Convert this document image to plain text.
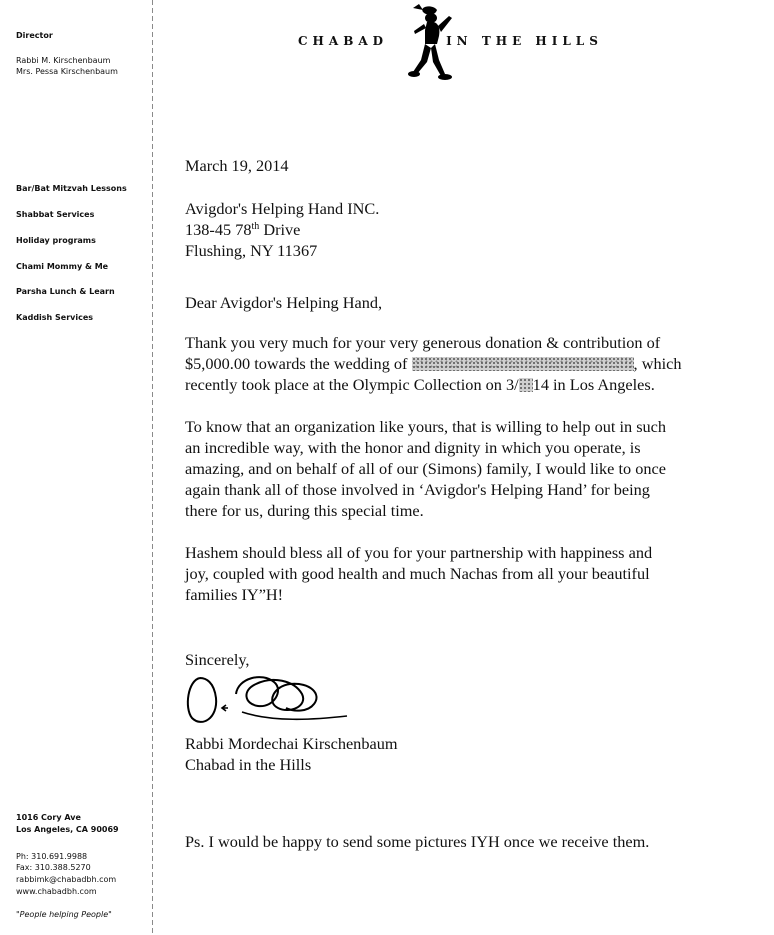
Director
Rabbi M. Kirschenbaum
Mrs. Pessa Kirschenbaum
Bar/Bat Mitzvah Lessons
Shabbat Services
Holiday programs
Chami Mommy & Me
Parsha Lunch & Learn
Kaddish Services
1016 Cory Ave
Los Angeles, CA 90069
Ph: 310.691.9988
Fax: 310.388.5270
rabbimk@chabadbh.com
www.chabadbh.com
"People helping People"
CHABAD	IN THE HILLS
March 19, 2014
Avigdor's Helping Hand INC.
138-45 78th Drive
Flushing, NY 11367
Dear Avigdor's Helping Hand,
Thank you very much for your very generous donation & contribution of
$5,000.00 towards the wedding of	, which
recently took place at the Olympic Collection on 3/ 14 in Los Angeles.
To know that an organization like yours, that is willing to help out in such
an incredible way, with the honor and dignity in which you operate, is
amazing, and on behalf of all of our (Simons) family, I would like to once
again thank all of those involved in ‘Avigdor's Helping Hand’ for being
there for us, during this special time.
Hashem should bless all of you for your partnership with happiness and
joy, coupled with good health and much Nachas from all your beautiful
families IY”H!
Sincerely,
Rabbi Mordechai Kirschenbaum
Chabad in the Hills
Ps. I would be happy to send some pictures IYH once we receive them.
